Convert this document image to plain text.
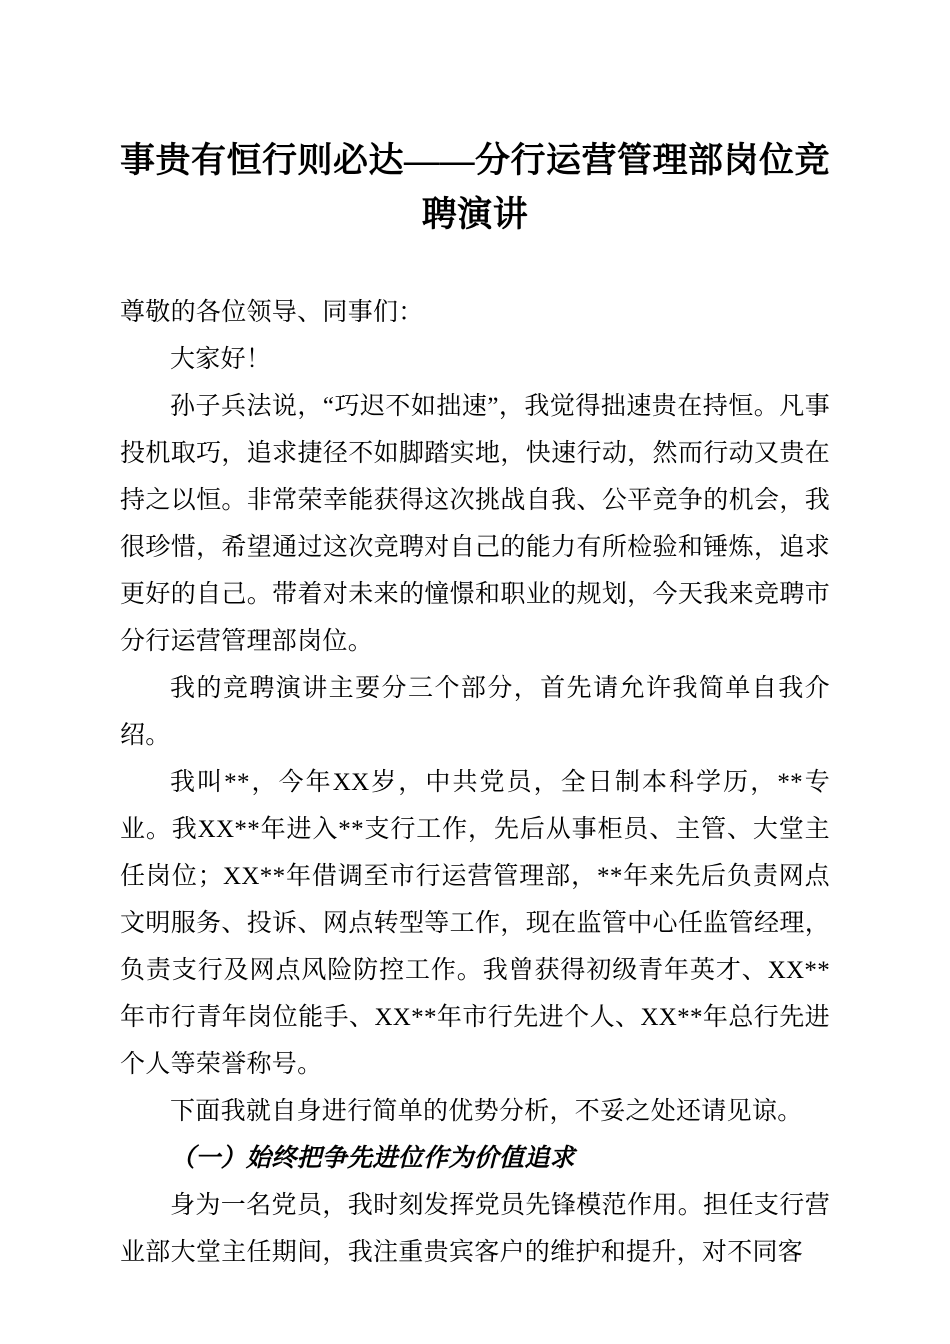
事贵有恒行则必达——分行运营管理部岗位竞聘演讲

尊敬的各位领导、同事们：

大家好！

孙子兵法说，“巧迟不如拙速”，我觉得拙速贵在持恒。凡事投机取巧，追求捷径不如脚踏实地，快速行动，然而行动又贵在持之以恒。非常荣幸能获得这次挑战自我、公平竞争的机会，我很珍惜，希望通过这次竞聘对自己的能力有所检验和锤炼，追求更好的自己。带着对未来的憧憬和职业的规划，今天我来竞聘市分行运营管理部岗位。

我的竞聘演讲主要分三个部分，首先请允许我简单自我介绍。

我叫**，今年XX岁，中共党员，全日制本科学历，**专业。我XX**年进入**支行工作，先后从事柜员、主管、大堂主任岗位；XX**年借调至市行运营管理部，**年来先后负责网点文明服务、投诉、网点转型等工作，现在监管中心任监管经理，负责支行及网点风险防控工作。我曾获得初级青年英才、XX**年市行青年岗位能手、XX**年市行先进个人、XX**年总行先进个人等荣誉称号。

下面我就自身进行简单的优势分析，不妥之处还请见谅。

（一）始终把争先进位作为价值追求

身为一名党员，我时刻发挥党员先锋模范作用。担任支行营业部大堂主任期间，我注重贵宾客户的维护和提升，对不同客
